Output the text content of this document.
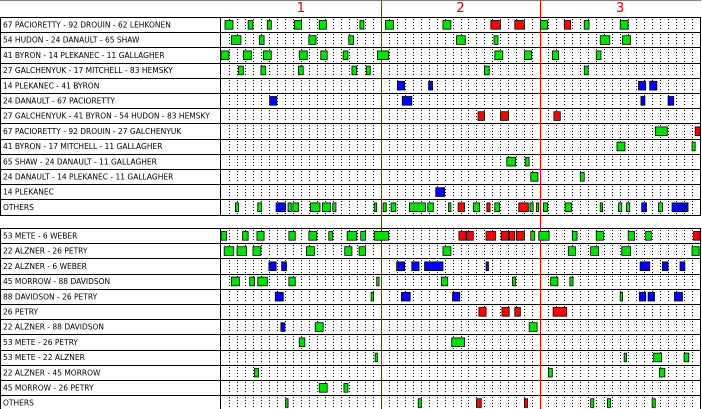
1	2	3
67 PACIORETTY - 92 DROUIN - 62 LEHKONEN
54 HUDON - 24 DANAULT - 65 SHAW
41 BYRON - 14 PLEKANEC - 11 GALLAGHER
27 GALCHENYUK - 17 MITCHELL - 83 HEMSKY
14 PLEKANEC - 41 BYRON
24 DANAULT - 67 PACIORETTY
27 GALCHENYUK - 41 BYRON - 54 HUDON - 83 HEMSKY
67 PACIORETTY - 92 DROUIN - 27 GALCHENYUK
41 BYRON - 17 MITCHELL - 11 GALLAGHER
65 SHAW - 24 DANAULT - 11 GALLAGHER
24 DANAULT - 14 PLEKANEC - 11 GALLAGHER
14 PLEKANEC
OTHERS
53 METE - 6 WEBER
22 ALZNER - 26 PETRY
22 ALZNER - 6 WEBER
45 MORROW - 88 DAVIDSON
88 DAVIDSON - 26 PETRY
26 PETRY
22 ALZNER - 88 DAVIDSON
53 METE - 26 PETRY
53 METE - 22 ALZNER
22 ALZNER - 45 MORROW
45 MORROW - 26 PETRY
OTHERS
